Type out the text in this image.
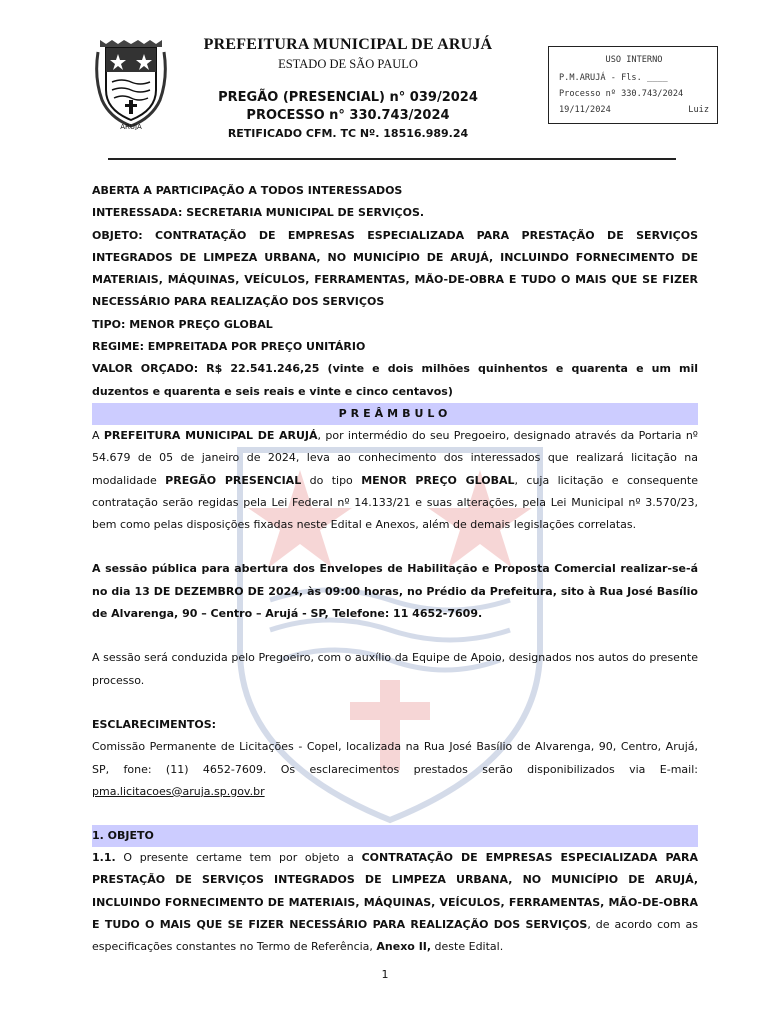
ARUJÁ
PREFEITURA MUNICIPAL DE ARUJÁ
ESTADO DE SÃO PAULO
PREGÃO (PRESENCIAL) n° 039/2024
PROCESSO n° 330.743/2024
RETIFICADO CFM. TC Nº. 18516.989.24
USO INTERNO
P.M.ARUJÁ - Fls. ____
Processo nº 330.743/2024
19/11/2024	Luiz

ABERTA A PARTICIPAÇÃO A TODOS INTERESSADOS

INTERESSADA: SECRETARIA MUNICIPAL DE SERVIÇOS.

OBJETO: CONTRATAÇÃO DE EMPRESAS ESPECIALIZADA PARA PRESTAÇÃO DE SERVIÇOS INTEGRADOS DE LIMPEZA URBANA, NO MUNICÍPIO DE ARUJÁ, INCLUINDO FORNECIMENTO DE MATERIAIS, MÁQUINAS, VEÍCULOS, FERRAMENTAS, MÃO-DE-OBRA E TUDO O MAIS QUE SE FIZER NECESSÁRIO PARA REALIZAÇÃO DOS SERVIÇOS

TIPO: MENOR PREÇO GLOBAL

REGIME: EMPREITADA POR PREÇO UNITÁRIO

VALOR ORÇADO: R$ 22.541.246,25 (vinte e dois milhões quinhentos e quarenta e um mil duzentos e quarenta e seis reais e vinte e cinco centavos)

PREÂMBULO

A PREFEITURA MUNICIPAL DE ARUJÁ, por intermédio do seu Pregoeiro, designado através da Portaria nº 54.679 de 05 de janeiro de 2024, leva ao conhecimento dos interessados que realizará licitação na modalidade PREGÃO PRESENCIAL do tipo MENOR PREÇO GLOBAL, cuja licitação e consequente contratação serão regidas pela Lei Federal nº 14.133/21 e suas alterações, pela Lei Municipal nº 3.570/23, bem como pelas disposições fixadas neste Edital e Anexos, além de demais legislações correlatas.

A sessão pública para abertura dos Envelopes de Habilitação e Proposta Comercial realizar-se-á no dia 13 DE DEZEMBRO DE 2024, às 09:00 horas, no Prédio da Prefeitura, sito à Rua José Basílio de Alvarenga, 90 – Centro – Arujá - SP, Telefone: 11 4652-7609.

A sessão será conduzida pelo Pregoeiro, com o auxílio da Equipe de Apoio, designados nos autos do presente processo.

ESCLARECIMENTOS:

Comissão Permanente de Licitações - Copel, localizada na Rua José Basílio de Alvarenga, 90, Centro, Arujá, SP, fone: (11) 4652-7609. Os esclarecimentos prestados serão disponibilizados via E-mail: pma.licitacoes@aruja.sp.gov.br

1. OBJETO

1.1. O presente certame tem por objeto a CONTRATAÇÃO DE EMPRESAS ESPECIALIZADA PARA PRESTAÇÃO DE SERVIÇOS INTEGRADOS DE LIMPEZA URBANA, NO MUNICÍPIO DE ARUJÁ, INCLUINDO FORNECIMENTO DE MATERIAIS, MÁQUINAS, VEÍCULOS, FERRAMENTAS, MÃO-DE-OBRA E TUDO O MAIS QUE SE FIZER NECESSÁRIO PARA REALIZAÇÃO DOS SERVIÇOS, de acordo com as especificações constantes no Termo de Referência, Anexo II, deste Edital.

1
